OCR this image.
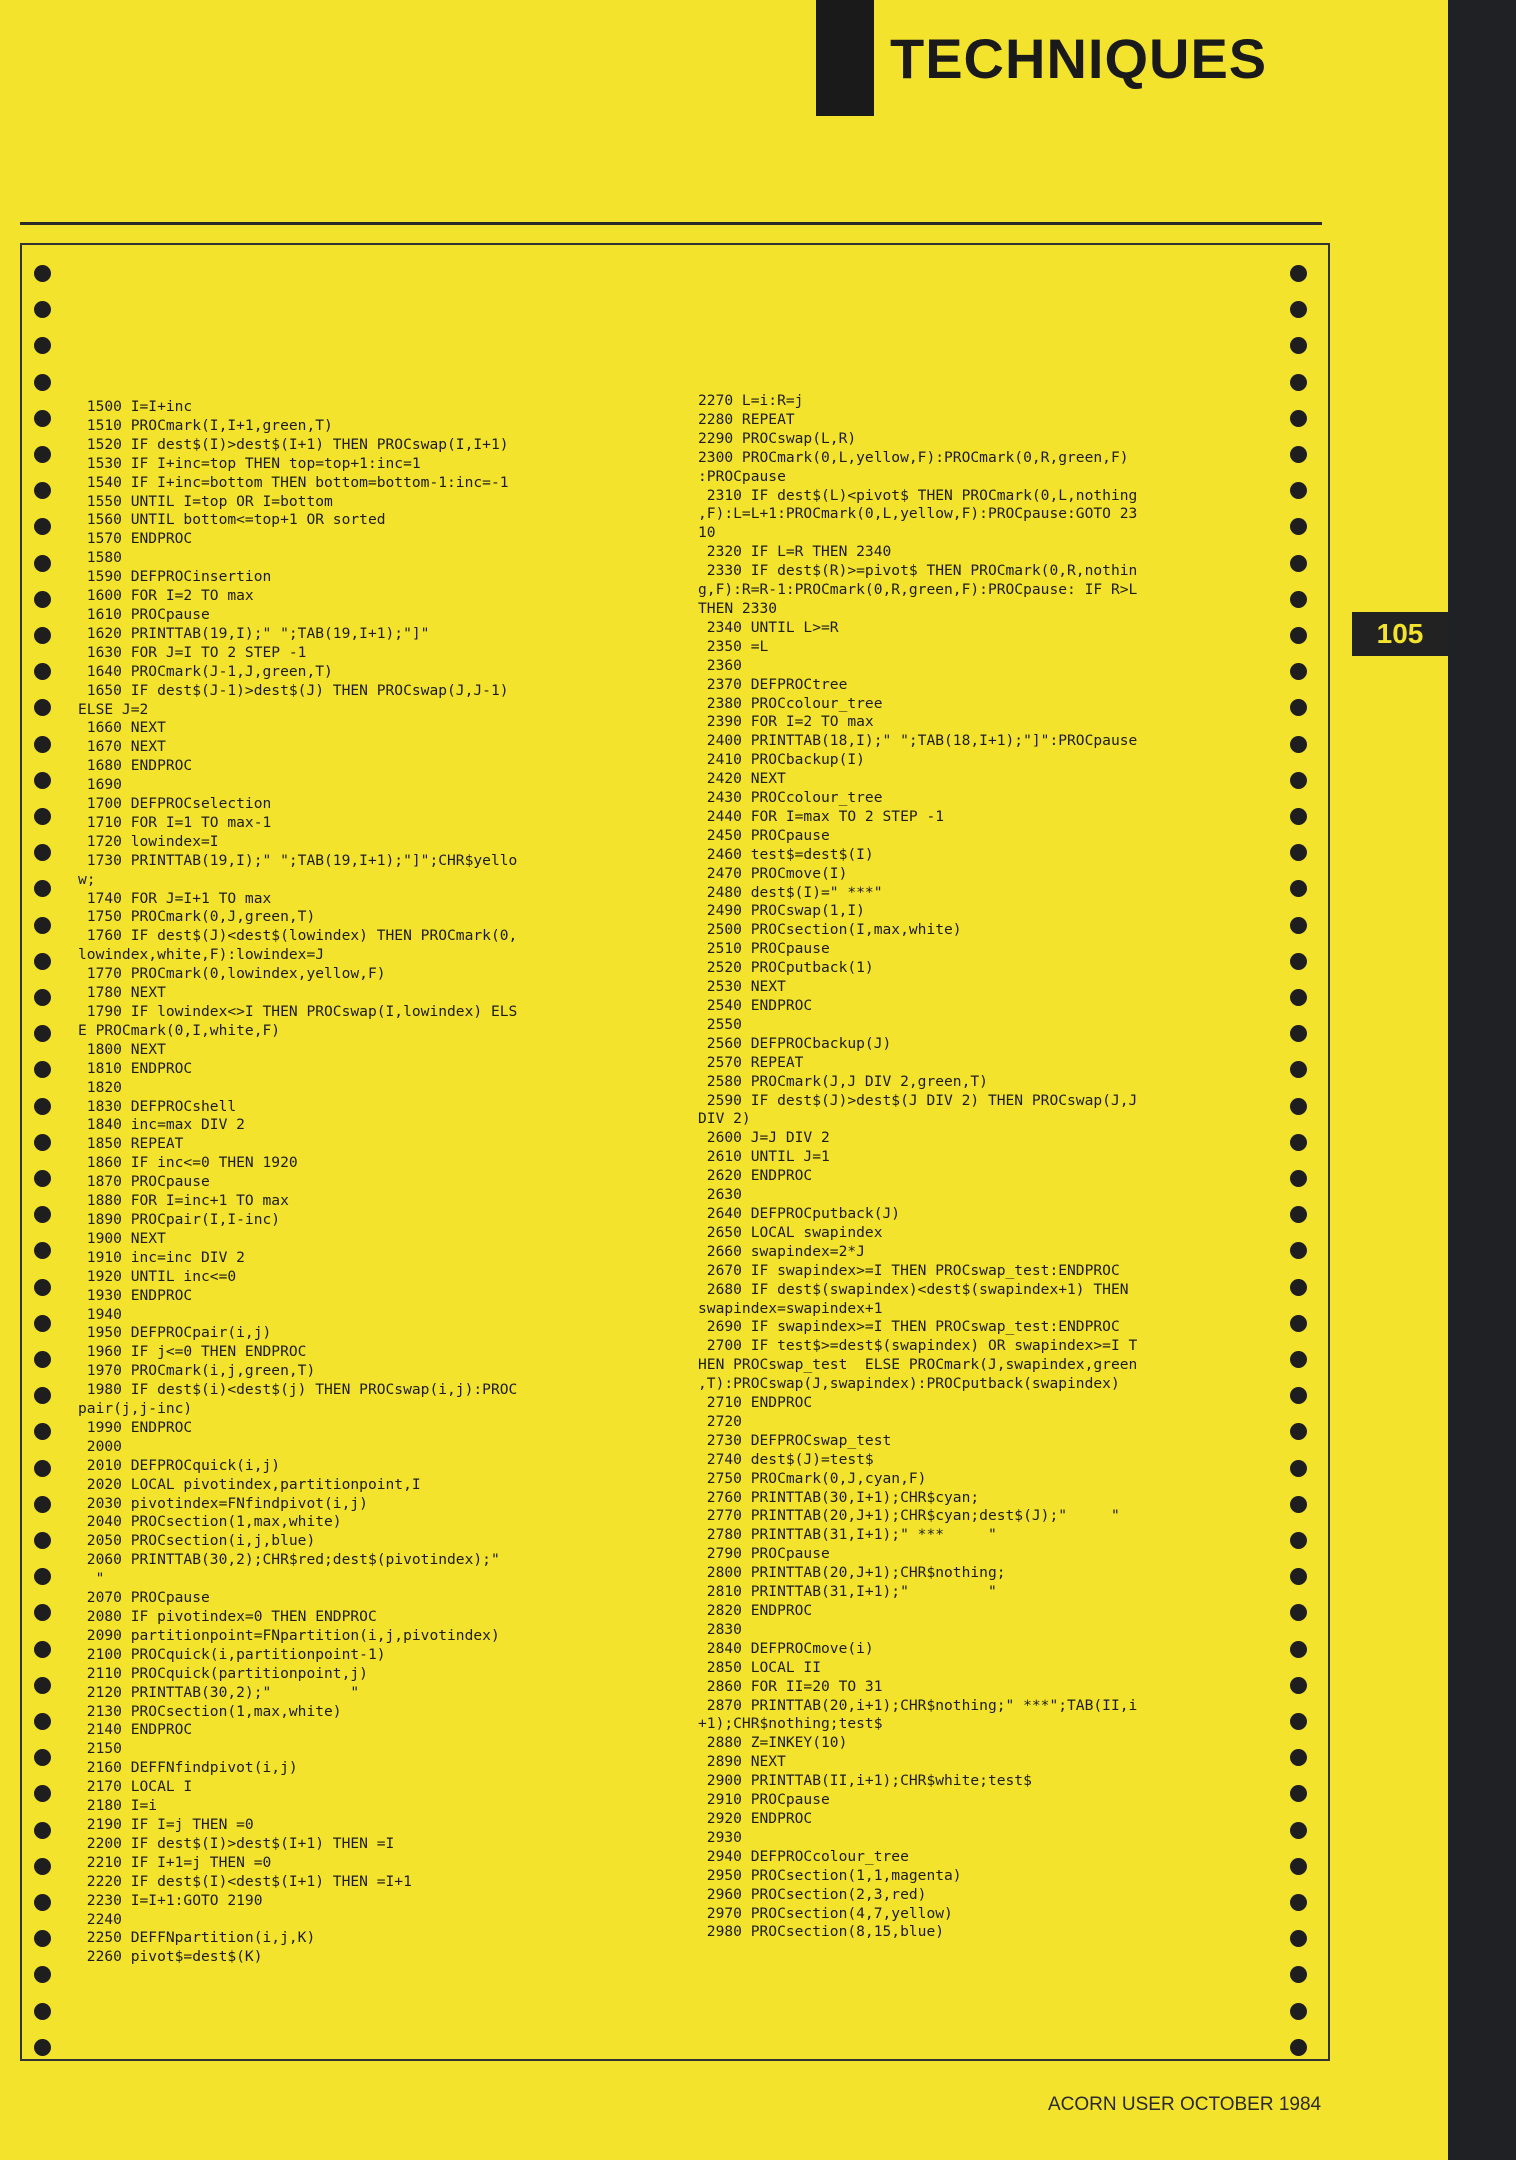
TECHNIQUES
1500 I=I+inc
1510 PROCmark(I,I+1,green,T)
1520 IF dest$(I)>dest$(I+1) THEN PROCswap(I,I+1)
1530 IF I+inc=top THEN top=top+1:inc=1
1540 IF I+inc=bottom THEN bottom=bottom-1:inc=-1
1550 UNTIL I=top OR I=bottom
1560 UNTIL bottom<=top+1 OR sorted
1570 ENDPROC
1580
1590 DEFPROCinsertion
1600 FOR I=2 TO max
1610 PROCpause
1620 PRINTTAB(19,I);" ";TAB(19,I+1);"]"
1630 FOR J=I TO 2 STEP -1
1640 PROCmark(J-1,J,green,T)
1650 IF dest$(J-1)>dest$(J) THEN PROCswap(J,J-1)
ELSE J=2
1660 NEXT
1670 NEXT
1680 ENDPROC
1690
1700 DEFPROCselection
1710 FOR I=1 TO max-1
1720 lowindex=I
1730 PRINTTAB(19,I);" ";TAB(19,I+1);"]";CHR$yello
w;
1740 FOR J=I+1 TO max
1750 PROCmark(0,J,green,T)
1760 IF dest$(J)<dest$(lowindex) THEN PROCmark(0,
lowindex,white,F):lowindex=J
1770 PROCmark(0,lowindex,yellow,F)
1780 NEXT
1790 IF lowindex<>I THEN PROCswap(I,lowindex) ELS
E PROCmark(0,I,white,F)
1800 NEXT
1810 ENDPROC
1820
1830 DEFPROCshell
1840 inc=max DIV 2
1850 REPEAT
1860 IF inc<=0 THEN 1920
1870 PROCpause
1880 FOR I=inc+1 TO max
1890 PROCpair(I,I-inc)
1900 NEXT
1910 inc=inc DIV 2
1920 UNTIL inc<=0
1930 ENDPROC
1940
1950 DEFPROCpair(i,j)
1960 IF j<=0 THEN ENDPROC
1970 PROCmark(i,j,green,T)
1980 IF dest$(i)<dest$(j) THEN PROCswap(i,j):PROC
pair(j,j-inc)
1990 ENDPROC
2000
2010 DEFPROCquick(i,j)
2020 LOCAL pivotindex,partitionpoint,I
2030 pivotindex=FNfindpivot(i,j)
2040 PROCsection(1,max,white)
2050 PROCsection(i,j,blue)
2060 PRINTTAB(30,2);CHR$red;dest$(pivotindex);"
"
2070 PROCpause
2080 IF pivotindex=0 THEN ENDPROC
2090 partitionpoint=FNpartition(i,j,pivotindex)
2100 PROCquick(i,partitionpoint-1)
2110 PROCquick(partitionpoint,j)
2120 PRINTTAB(30,2);"         "
2130 PROCsection(1,max,white)
2140 ENDPROC
2150
2160 DEFFNfindpivot(i,j)
2170 LOCAL I
2180 I=i
2190 IF I=j THEN =0
2200 IF dest$(I)>dest$(I+1) THEN =I
2210 IF I+1=j THEN =0
2220 IF dest$(I)<dest$(I+1) THEN =I+1
2230 I=I+1:GOTO 2190
2240
2250 DEFFNpartition(i,j,K)
2260 pivot$=dest$(K)
2270 L=i:R=j
2280 REPEAT
2290 PROCswap(L,R)
2300 PROCmark(0,L,yellow,F):PROCmark(0,R,green,F)
:PROCpause
2310 IF dest$(L)<pivot$ THEN PROCmark(0,L,nothing
,F):L=L+1:PROCmark(0,L,yellow,F):PROCpause:GOTO 23
10
2320 IF L=R THEN 2340
2330 IF dest$(R)>=pivot$ THEN PROCmark(0,R,nothin
g,F):R=R-1:PROCmark(0,R,green,F):PROCpause: IF R>L
THEN 2330
2340 UNTIL L>=R
2350 =L
2360
2370 DEFPROCtree
2380 PROCcolour_tree
2390 FOR I=2 TO max
2400 PRINTTAB(18,I);" ";TAB(18,I+1);"]":PROCpause
2410 PROCbackup(I)
2420 NEXT
2430 PROCcolour_tree
2440 FOR I=max TO 2 STEP -1
2450 PROCpause
2460 test$=dest$(I)
2470 PROCmove(I)
2480 dest$(I)=" ***"
2490 PROCswap(1,I)
2500 PROCsection(I,max,white)
2510 PROCpause
2520 PROCputback(1)
2530 NEXT
2540 ENDPROC
2550
2560 DEFPROCbackup(J)
2570 REPEAT
2580 PROCmark(J,J DIV 2,green,T)
2590 IF dest$(J)>dest$(J DIV 2) THEN PROCswap(J,J
DIV 2)
2600 J=J DIV 2
2610 UNTIL J=1
2620 ENDPROC
2630
2640 DEFPROCputback(J)
2650 LOCAL swapindex
2660 swapindex=2*J
2670 IF swapindex>=I THEN PROCswap_test:ENDPROC
2680 IF dest$(swapindex)<dest$(swapindex+1) THEN
swapindex=swapindex+1
2690 IF swapindex>=I THEN PROCswap_test:ENDPROC
2700 IF test$>=dest$(swapindex) OR swapindex>=I T
HEN PROCswap_test  ELSE PROCmark(J,swapindex,green
,T):PROCswap(J,swapindex):PROCputback(swapindex)
2710 ENDPROC
2720
2730 DEFPROCswap_test
2740 dest$(J)=test$
2750 PROCmark(0,J,cyan,F)
2760 PRINTTAB(30,I+1);CHR$cyan;
2770 PRINTTAB(20,J+1);CHR$cyan;dest$(J);"     "
2780 PRINTTAB(31,I+1);" ***     "
2790 PROCpause
2800 PRINTTAB(20,J+1);CHR$nothing;
2810 PRINTTAB(31,I+1);"         "
2820 ENDPROC
2830
2840 DEFPROCmove(i)
2850 LOCAL II
2860 FOR II=20 TO 31
2870 PRINTTAB(20,i+1);CHR$nothing;" ***";TAB(II,i
+1);CHR$nothing;test$
2880 Z=INKEY(10)
2890 NEXT
2900 PRINTTAB(II,i+1);CHR$white;test$
2910 PROCpause
2920 ENDPROC
2930
2940 DEFPROCcolour_tree
2950 PROCsection(1,1,magenta)
2960 PROCsection(2,3,red)
2970 PROCsection(4,7,yellow)
2980 PROCsection(8,15,blue)
105
ACORN USER OCTOBER 1984
